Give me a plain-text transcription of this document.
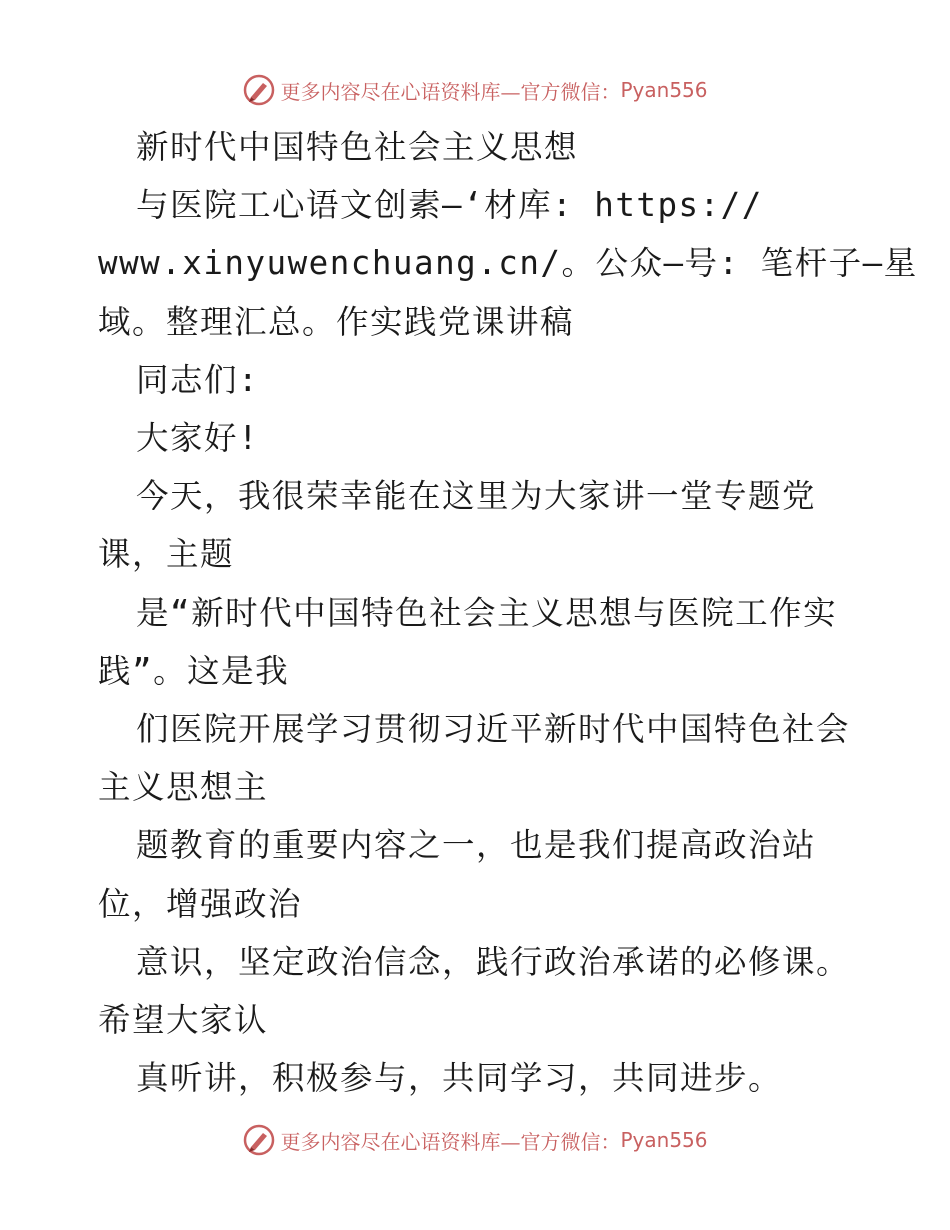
更多内容尽在心语资料库—官方微信： Pyan556

新时代中国特色社会主义思想

与医院工心语文创素—‘材库: https://

www.xinyuwenchuang.cn/。公众—号: 笔杆子—星

域。整理汇总。作实践党课讲稿

同志们:

大家好!

今天，我很荣幸能在这里为大家讲一堂专题党

课，主题

是“新时代中国特色社会主义思想与医院工作实

践”。这是我

们医院开展学习贯彻习近平新时代中国特色社会

主义思想主

题教育的重要内容之一，也是我们提高政治站

位，增强政治

意识，坚定政治信念，践行政治承诺的必修课。

希望大家认

真听讲，积极参与，共同学习，共同进步。

更多内容尽在心语资料库—官方微信： Pyan556
